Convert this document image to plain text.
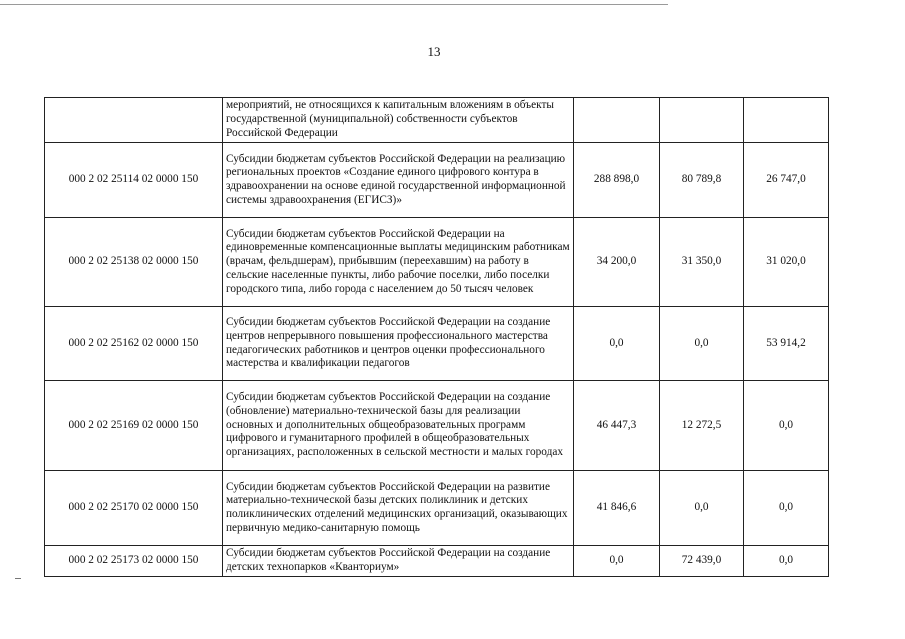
13
	мероприятий, не относящихся к капитальным вложениям в объекты государственной (муниципальной) собственности субъектов Российской Федерации			
000 2 02 25114 02 0000 150	Субсидии бюджетам субъектов Российской Федерации на реализацию региональных проектов «Создание единого цифрового контура в здравоохранении на основе единой государственной информационной системы здравоохранения (ЕГИСЗ)»	288 898,0	80 789,8	26 747,0
000 2 02 25138 02 0000 150	Субсидии бюджетам субъектов Российской Федерации на единовременные компенсационные выплаты медицинским работникам (врачам, фельдшерам), прибывшим (переехавшим) на работу в сельские населенные пункты, либо рабочие поселки, либо поселки городского типа, либо города с населением до 50 тысяч человек	34 200,0	31 350,0	31 020,0
000 2 02 25162 02 0000 150	Субсидии бюджетам субъектов Российской Федерации на создание центров непрерывного повышения профессионального мастерства педагогических работников и центров оценки профессионального мастерства и квалификации педагогов	0,0	0,0	53 914,2
000 2 02 25169 02 0000 150	Субсидии бюджетам субъектов Российской Федерации на создание (обновление) материально-технической базы для реализации основных и дополнительных общеобразовательных программ цифрового и гуманитарного профилей в общеобразовательных организациях, расположенных в сельской местности и малых городах	46 447,3	12 272,5	0,0
000 2 02 25170 02 0000 150	Субсидии бюджетам субъектов Российской Федерации на развитие материально-технической базы детских поликлиник и детских поликлинических отделений медицинских организаций, оказывающих первичную медико-санитарную помощь	41 846,6	0,0	0,0
000 2 02 25173 02 0000 150	Субсидии бюджетам субъектов Российской Федерации на создание детских технопарков «Кванториум»	0,0	72 439,0	0,0
